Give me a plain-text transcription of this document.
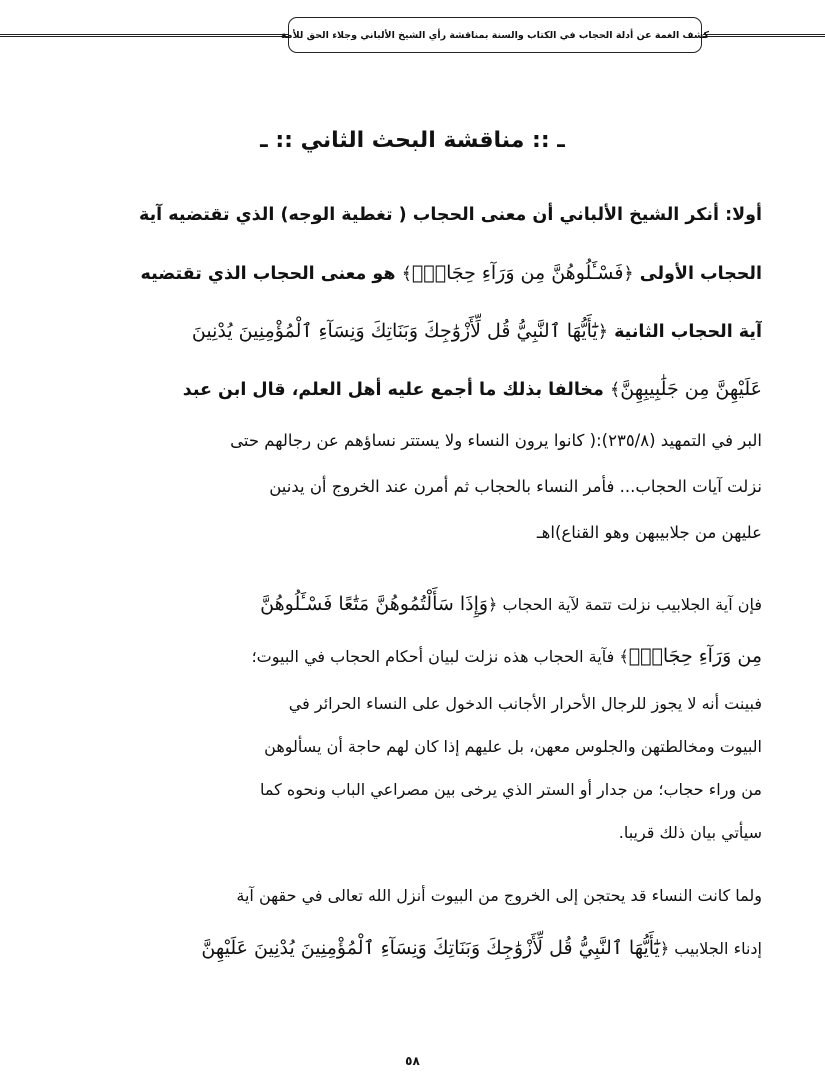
كشف الغمة عن أدلة الحجاب في الكتاب والسنة بمناقشة رأي الشيخ الألباني وجلاء الحق للأمة
ـ :: مناقشة البحث الثاني :: ـ
أولا: أنكر الشيخ الألباني أن معنى الحجاب ( تغطية الوجه) الذي تقتضيه آية
الحجاب الأولى ﴿فَسْـَٔلُوهُنَّ مِن وَرَآءِ حِجَابٍۚ﴾ هو معنى الحجاب الذي تقتضيه
آية الحجاب الثانية ﴿يَٰٓأَيُّهَا ٱلنَّبِيُّ قُل لِّأَزْوَٰجِكَ وَبَنَاتِكَ وَنِسَآءِ ٱلْمُؤْمِنِينَ يُدْنِينَ
عَلَيْهِنَّ مِن جَلَٰبِيبِهِنَّ﴾ مخالفا بذلك ما أجمع عليه أهل العلم، قال ابن عبد
البر في التمهيد (٢٣٥/٨):( كانوا يرون النساء ولا يستتر نساؤهم عن رجالهم حتى
نزلت آيات الحجاب... فأمر النساء بالحجاب ثم أمرن عند الخروج أن يدنين
عليهن من جلابيبهن وهو القناع)اهـ
فإن آية الجلابيب نزلت تتمة لآية الحجاب ﴿وَإِذَا سَأَلْتُمُوهُنَّ مَتَٰعًا فَسْـَٔلُوهُنَّ
مِن وَرَآءِ حِجَابٍۚ﴾ فآية الحجاب هذه نزلت لبيان أحكام الحجاب في البيوت؛
فبينت أنه لا يجوز للرجال الأحرار الأجانب الدخول على النساء الحرائر في
البيوت ومخالطتهن والجلوس معهن، بل عليهم إذا كان لهم حاجة أن يسألوهن
من وراء حجاب؛ من جدار أو الستر الذي يرخى بين مصراعي الباب ونحوه كما
سيأتي بيان ذلك قريبا.
ولما كانت النساء قد يحتجن إلى الخروج من البيوت أنزل الله تعالى في حقهن آية
إدناء الجلابيب ﴿يَٰٓأَيُّهَا ٱلنَّبِيُّ قُل لِّأَزْوَٰجِكَ وَبَنَاتِكَ وَنِسَآءِ ٱلْمُؤْمِنِينَ يُدْنِينَ عَلَيْهِنَّ
٥٨
